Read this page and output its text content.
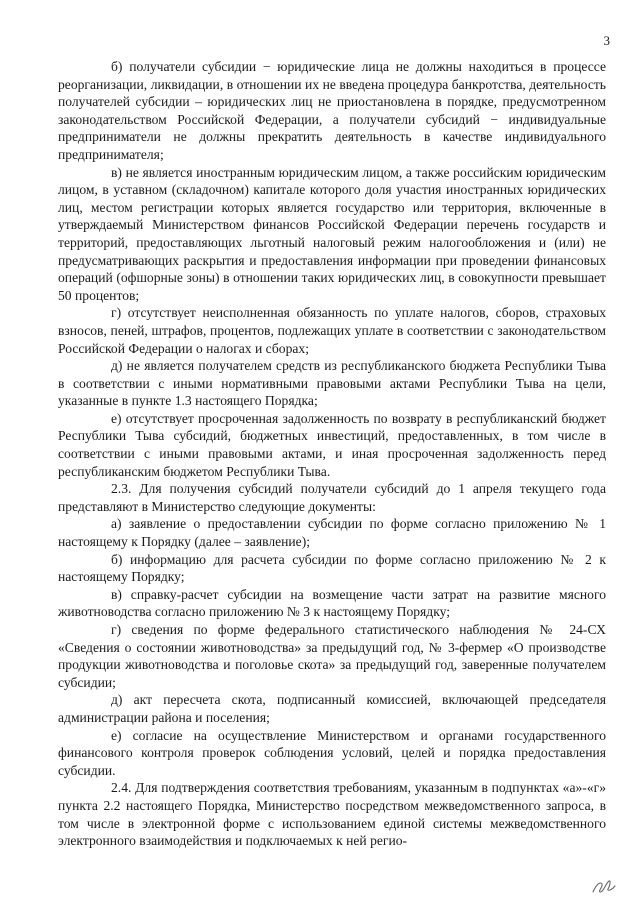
3

б) получатели субсидии − юридические лица не должны находиться в процессе реорганизации, ликвидации, в отношении их не введена процедура банкротства, деятельность получателей субсидии – юридических лиц не приостановлена в порядке, предусмотренном законодательством Российской Федерации, а получатели субсидий − индивидуальные предприниматели не должны прекратить деятельность в качестве индивидуального предпринимателя;

в) не является иностранным юридическим лицом, а также российским юридическим лицом, в уставном (складочном) капитале которого доля участия иностранных юридических лиц, местом регистрации которых является государство или территория, включенные в утверждаемый Министерством финансов Российской Федерации перечень государств и территорий, предоставляющих льготный налоговый режим налогообложения и (или) не предусматривающих раскрытия и предоставления информации при проведении финансовых операций (офшорные зоны) в отношении таких юридических лиц, в совокупности превышает 50 процентов;

г) отсутствует неисполненная обязанность по уплате налогов, сборов, страховых взносов, пеней, штрафов, процентов, подлежащих уплате в соответствии с законодательством Российской Федерации о налогах и сборах;

д) не является получателем средств из республиканского бюджета Республики Тыва в соответствии с иными нормативными правовыми актами Республики Тыва на цели, указанные в пункте 1.3 настоящего Порядка;

е) отсутствует просроченная задолженность по возврату в республиканский бюджет Республики Тыва субсидий, бюджетных инвестиций, предоставленных, в том числе в соответствии с иными правовыми актами, и иная просроченная задолженность перед республиканским бюджетом Республики Тыва.

2.3. Для получения субсидий получатели субсидий до 1 апреля текущего года представляют в Министерство следующие документы:

а) заявление о предоставлении субсидии по форме согласно приложению № 1 настоящему к Порядку (далее – заявление);

б) информацию для расчета субсидии по форме согласно приложению № 2 к настоящему Порядку;

в) справку-расчет субсидии на возмещение части затрат на развитие мясного животноводства согласно приложению № 3 к настоящему Порядку;

г) сведения по форме федерального статистического наблюдения № 24-СХ «Сведения о состоянии животноводства» за предыдущий год, № 3-фермер «О производстве продукции животноводства и поголовье скота» за предыдущий год, заверенные получателем субсидии;

д) акт пересчета скота, подписанный комиссией, включающей председателя администрации района и поселения;

е) согласие на осуществление Министерством и органами государственного финансового контроля проверок соблюдения условий, целей и порядка предоставления субсидии.

2.4. Для подтверждения соответствия требованиям, указанным в подпунктах «а»-«г» пункта 2.2 настоящего Порядка, Министерство посредством межведомственного запроса, в том числе в электронной форме с использованием единой системы межведомственного электронного взаимодействия и подключаемых к ней регио-
